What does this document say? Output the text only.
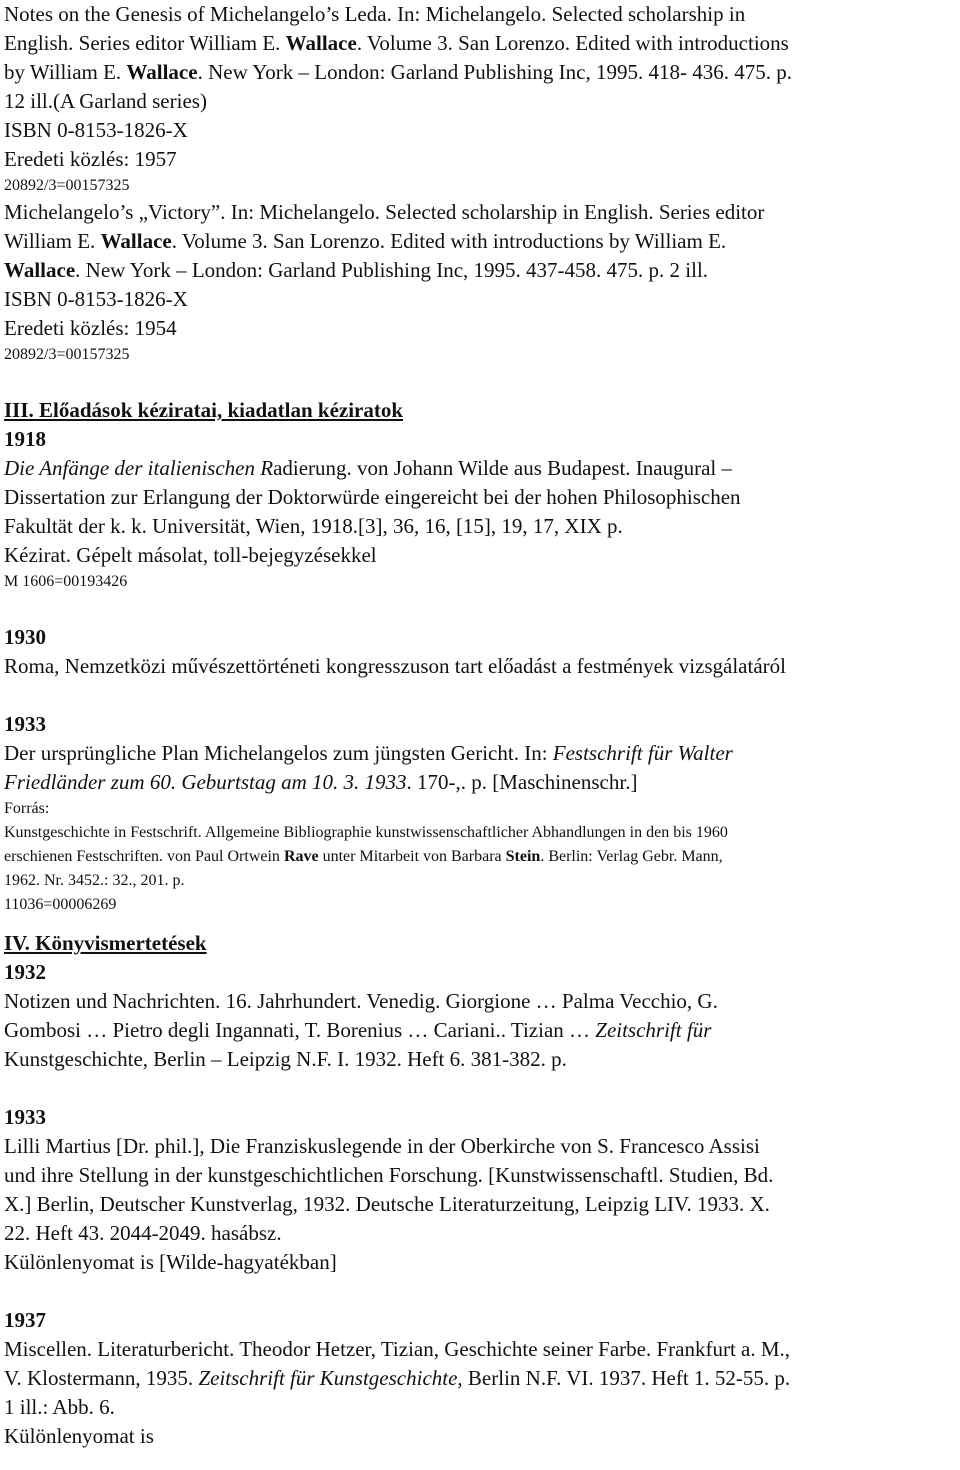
Notes on the Genesis of Michelangelo’s Leda. In: Michelangelo. Selected scholarship in
English. Series editor William E. Wallace. Volume 3. San Lorenzo. Edited with introductions
by William E. Wallace. New York – London: Garland Publishing Inc, 1995. 418- 436. 475. p.
12 ill.(A Garland series)
ISBN 0-8153-1826-X
Eredeti közlés: 1957
20892/3=00157325
Michelangelo’s „Victory”. In: Michelangelo. Selected scholarship in English. Series editor
William E. Wallace. Volume 3. San Lorenzo. Edited with introductions by William E.
Wallace. New York – London: Garland Publishing Inc, 1995. 437-458. 475. p. 2 ill.
ISBN 0-8153-1826-X
Eredeti közlés: 1954
20892/3=00157325
III. Előadások kéziratai, kiadatlan kéziratok
1918
Die Anfänge der italienischen Radierung. von Johann Wilde aus Budapest. Inaugural –
Dissertation zur Erlangung der Doktorwürde eingereicht bei der hohen Philosophischen
Fakultät der k. k. Universität, Wien, 1918.[3], 36, 16, [15], 19, 17, XIX p.
Kézirat. Gépelt másolat, toll-bejegyzésekkel
M 1606=00193426
1930
Roma, Nemzetközi művészettörténeti kongresszuson tart előadást a festmények vizsgálatáról
1933
Der ursprüngliche Plan Michelangelos zum jüngsten Gericht. In: Festschrift für Walter
Friedländer zum 60. Geburtstag am 10. 3. 1933. 170-,. p. [Maschinenschr.]
Forrás:
Kunstgeschichte in Festschrift. Allgemeine Bibliographie kunstwissenschaftlicher Abhandlungen in den bis 1960
erschienen Festschriften. von Paul Ortwein Rave unter Mitarbeit von Barbara Stein. Berlin: Verlag Gebr. Mann,
1962. Nr. 3452.: 32., 201. p.
11036=00006269
IV. Könyvismertetések
1932
Notizen und Nachrichten. 16. Jahrhundert. Venedig. Giorgione … Palma Vecchio, G.
Gombosi … Pietro degli Ingannati, T. Borenius … Cariani.. Tizian … Zeitschrift für
Kunstgeschichte, Berlin – Leipzig N.F. I. 1932. Heft 6. 381-382. p.
1933
Lilli Martius [Dr. phil.], Die Franziskuslegende in der Oberkirche von S. Francesco Assisi
und ihre Stellung in der kunstgeschichtlichen Forschung. [Kunstwissenschaftl. Studien, Bd.
X.] Berlin, Deutscher Kunstverlag, 1932. Deutsche Literaturzeitung, Leipzig LIV. 1933. X.
22. Heft 43. 2044-2049. hasábsz.
Különlenyomat is [Wilde-hagyatékban]
1937
Miscellen. Literaturbericht. Theodor Hetzer, Tizian, Geschichte seiner Farbe. Frankfurt a. M.,
V. Klostermann, 1935. Zeitschrift für Kunstgeschichte, Berlin N.F. VI. 1937. Heft 1. 52-55. p.
1 ill.: Abb. 6.
Különlenyomat is
